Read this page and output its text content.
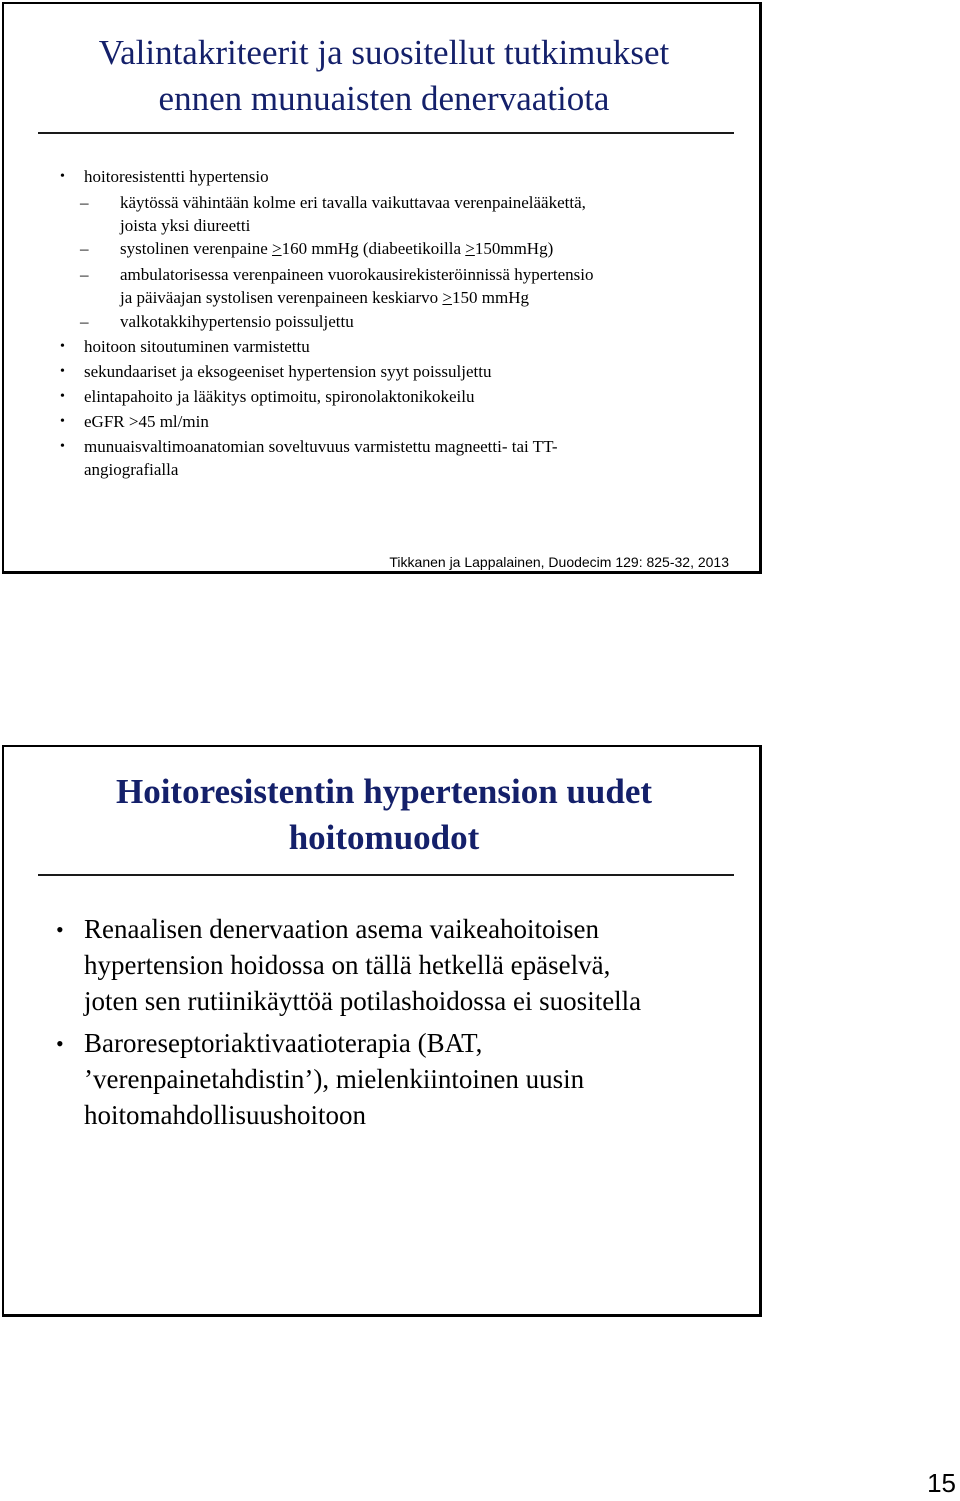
Valintakriteerit ja suositellut tutkimukset
ennen munuaisten denervaatiota
• hoitoresistentti hypertensio
–	käytössä vähintään kolme eri tavalla vaikuttavaa verenpainelääkettä,
joista yksi diureetti
–	systolinen verenpaine >160 mmHg (diabeetikoilla >150mmHg)
–	ambulatorisessa verenpaineen vuorokausirekisteröinnissä hypertensio
ja päiväajan systolisen verenpaineen keskiarvo >150 mmHg
–	valkotakkihypertensio poissuljettu
• hoitoon sitoutuminen varmistettu
• sekundaariset ja eksogeeniset hypertension syyt poissuljettu
• elintapahoito ja lääkitys optimoitu, spironolaktonikokeilu
• eGFR >45 ml/min
• munuaisvaltimoanatomian soveltuvuus varmistettu magneetti- tai TT-
angiografialla
Tikkanen ja Lappalainen, Duodecim 129: 825-32, 2013
Hoitoresistentin hypertension uudet
hoitomuodot
• Renaalisen denervaation asema vaikeahoitoisen
hypertension hoidossa on tällä hetkellä epäselvä,
joten sen rutiinikäyttöä potilashoidossa ei suositella
• Baroreseptoriaktivaatioterapia (BAT,
’verenpainetahdistin’), mielenkiintoinen uusin
hoitomahdollisuushoitoon
15
